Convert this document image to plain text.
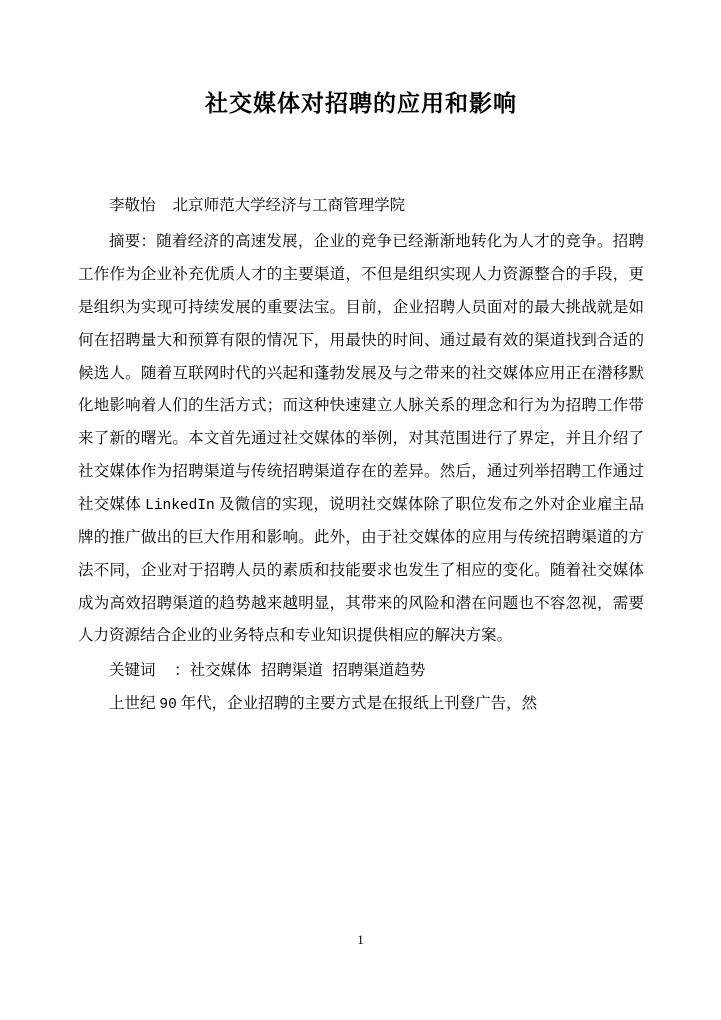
社交媒体对招聘的应用和影响
李敬怡 北京师范大学经济与工商管理学院

摘要：随着经济的高速发展，企业的竞争已经渐渐地转化为人才的竞争。招聘工作作为企业补充优质人才的主要渠道，不但是组织实现人力资源整合的手段，更是组织为实现可持续发展的重要法宝。目前，企业招聘人员面对的最大挑战就是如何在招聘量大和预算有限的情况下，用最快的时间、通过最有效的渠道找到合适的候选人。随着互联网时代的兴起和蓬勃发展及与之带来的社交媒体应用正在潜移默化地影响着人们的生活方式；而这种快速建立人脉关系的理念和行为为招聘工作带来了新的曙光。本文首先通过社交媒体的举例，对其范围进行了界定，并且介绍了社交媒体作为招聘渠道与传统招聘渠道存在的差异。然后，通过列举招聘工作通过社交媒体 LinkedIn 及微信的实现，说明社交媒体除了职位发布之外对企业雇主品牌的推广做出的巨大作用和影响。此外，由于社交媒体的应用与传统招聘渠道的方法不同，企业对于招聘人员的素质和技能要求也发生了相应的变化。随着社交媒体成为高效招聘渠道的趋势越来越明显，其带来的风险和潜在问题也不容忽视，需要人力资源结合企业的业务特点和专业知识提供相应的解决方案。

关键词 ：社交媒体 招聘渠道 招聘渠道趋势

上世纪 90 年代，企业招聘的主要方式是在报纸上刊登广告，然

1
